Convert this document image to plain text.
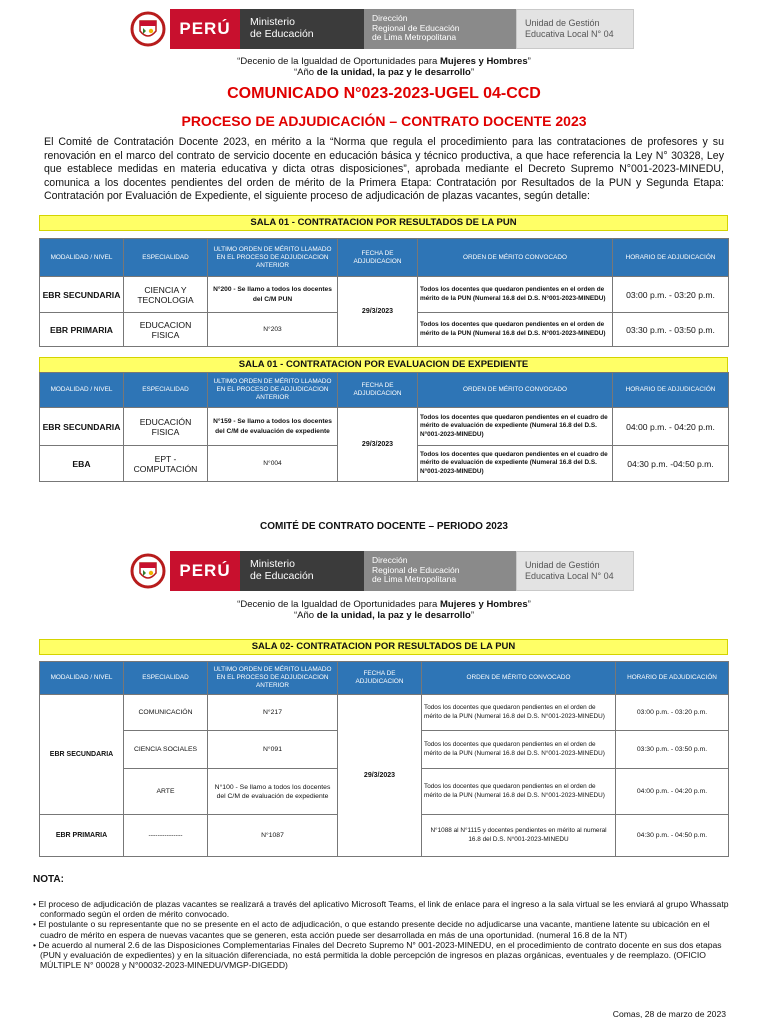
PERÚ	Ministerio
de Educación
Dirección
Regional de Educación
de Lima Metropolitana
Unidad de Gestión
Educativa Local N° 04
“Decenio de la Igualdad de Oportunidades para Mujeres y Hombres”
“Año de la unidad, la paz y le desarrollo”
COMUNICADO N°023-2023-UGEL 04-CCD
PROCESO DE ADJUDICACIÓN – CONTRATO DOCENTE 2023
El Comité de Contratación Docente 2023, en mérito a la “Norma que regula el procedimiento para las contrataciones de profesores y su renovación en el marco del contrato de servicio docente en educación básica y técnico productiva, a que hace referencia la Ley N° 30328, Ley que establece medidas en materia educativa y dicta otras disposiciones”, aprobada mediante el Decreto Supremo N°001-2023-MINEDU, comunica a los docentes pendientes del orden de mérito de la Primera Etapa: Contratación por Resultados de la PUN y Segunda Etapa: Contratación por Evaluación de Expediente, el siguiente proceso de adjudicación de plazas vacantes, según detalle:
SALA 01 - CONTRATACION POR RESULTADOS DE LA PUN
MODALIDAD / NIVEL	ESPECIALIDAD	ULTIMO ORDEN DE MÉRITO LLAMADO EN EL PROCESO DE ADJUDICACION ANTERIOR	FECHA DE ADJUDICACION	ORDEN DE MÉRITO CONVOCADO	HORARIO DE ADJUDICACIÓN
EBR SECUNDARIA	CIENCIA Y TECNOLOGIA	N°200 - Se llamo a todos los docentes del C/M PUN	29/3/2023	Todos los docentes que quedaron pendientes en el orden de mérito de la PUN (Numeral 16.8 del D.S. N°001-2023-MINEDU)	03:00 p.m. - 03:20 p.m.
EBR PRIMARIA	EDUCACION FISICA	N°203		Todos los docentes que quedaron pendientes en el orden de mérito de la PUN (Numeral 16.8 del D.S. N°001-2023-MINEDU)	03:30 p.m. - 03:50 p.m.
SALA 01 - CONTRATACION POR EVALUACION DE EXPEDIENTE
MODALIDAD / NIVEL	ESPECIALIDAD	ULTIMO ORDEN DE MÉRITO LLAMADO EN EL PROCESO DE ADJUDICACION ANTERIOR	FECHA DE ADJUDICACION	ORDEN DE MÉRITO CONVOCADO	HORARIO DE ADJUDICACIÓN
EBR SECUNDARIA	EDUCACIÓN FISICA	N°159 - Se llamo a todos los docentes del C/M de evaluación de expediente	29/3/2023	Todos los docentes que quedaron pendientes en el cuadro de mérito de evaluación de expediente (Numeral 16.8 del D.S. N°001-2023-MINEDU)	04:00 p.m. - 04:20 p.m.
EBA	EPT - COMPUTACIÓN	N°004		Todos los docentes que quedaron pendientes en el cuadro de mérito de evaluación de expediente (Numeral 16.8 del D.S. N°001-2023-MINEDU)	04:30 p.m. -04:50 p.m.
COMITÉ DE CONTRATO DOCENTE – PERIODO 2023
PERÚ	Ministerio
de Educación
Dirección
Regional de Educación
de Lima Metropolitana
Unidad de Gestión
Educativa Local N° 04
“Decenio de la Igualdad de Oportunidades para Mujeres y Hombres”
“Año de la unidad, la paz y le desarrollo”
SALA 02- CONTRATACION POR RESULTADOS DE LA PUN
MODALIDAD / NIVEL	ESPECIALIDAD	ULTIMO ORDEN DE MÉRITO LLAMADO EN EL PROCESO DE ADJUDICACION ANTERIOR	FECHA DE ADJUDICACION	ORDEN DE MÉRITO CONVOCADO	HORARIO DE ADJUDICACIÓN
EBR SECUNDARIA	COMUNICACIÓN	N°217	29/3/2023	Todos los docentes que quedaron pendientes en el orden de mérito de la PUN (Numeral 16.8 del D.S. N°001-2023-MINEDU)	03:00 p.m. - 03:20 p.m.
	CIENCIA SOCIALES	N°091		Todos los docentes que quedaron pendientes en el orden de mérito de la PUN (Numeral 16.8 del D.S. N°001-2023-MINEDU)	03:30 p.m. - 03:50 p.m.
	ARTE	N°100 - Se llamo a todos los docentes del C/M de evaluación de expediente		Todos los docentes que quedaron pendientes en el orden de mérito de la PUN (Numeral 16.8 del D.S. N°001-2023-MINEDU)	04:00 p.m. - 04:20 p.m.
EBR PRIMARIA	---------------	N°1087		N°1088 al N°1115 y docentes pendientes en mérito al numeral 16.8 del D.S. N°001-2023-MINEDU	04:30 p.m. - 04:50 p.m.
NOTA:
• El proceso de adjudicación de plazas vacantes se realizará a través del aplicativo Microsoft Teams, el link de enlace para el ingreso a la sala virtual se les enviará al grupo Whassatp conformado según el orden de mérito convocado.
• El postulante o su representante que no se presente en el acto de adjudicación, o que estando presente decide no adjudicarse una vacante, mantiene latente su ubicación en el cuadro de mérito en espera de nuevas vacantes que se generen, esta acción puede ser desarrollada en más de una oportunidad. (numeral 16.8 de la NT)
• De acuerdo al numeral 2.6 de las Disposiciones Complementarias Finales del Decreto Supremo N° 001-2023-MINEDU, en el procedimiento de contrato docente en sus dos etapas (PUN y evaluación de expedientes) y en la situación diferenciada, no está permitida la doble percepción de ingresos en plazas orgánicas, eventuales y de reemplazo. (OFICIO MÚLTIPLE N° 00028 y N°00032-2023-MINEDU/VMGP-DIGEDD)
Comas, 28 de marzo de 2023
